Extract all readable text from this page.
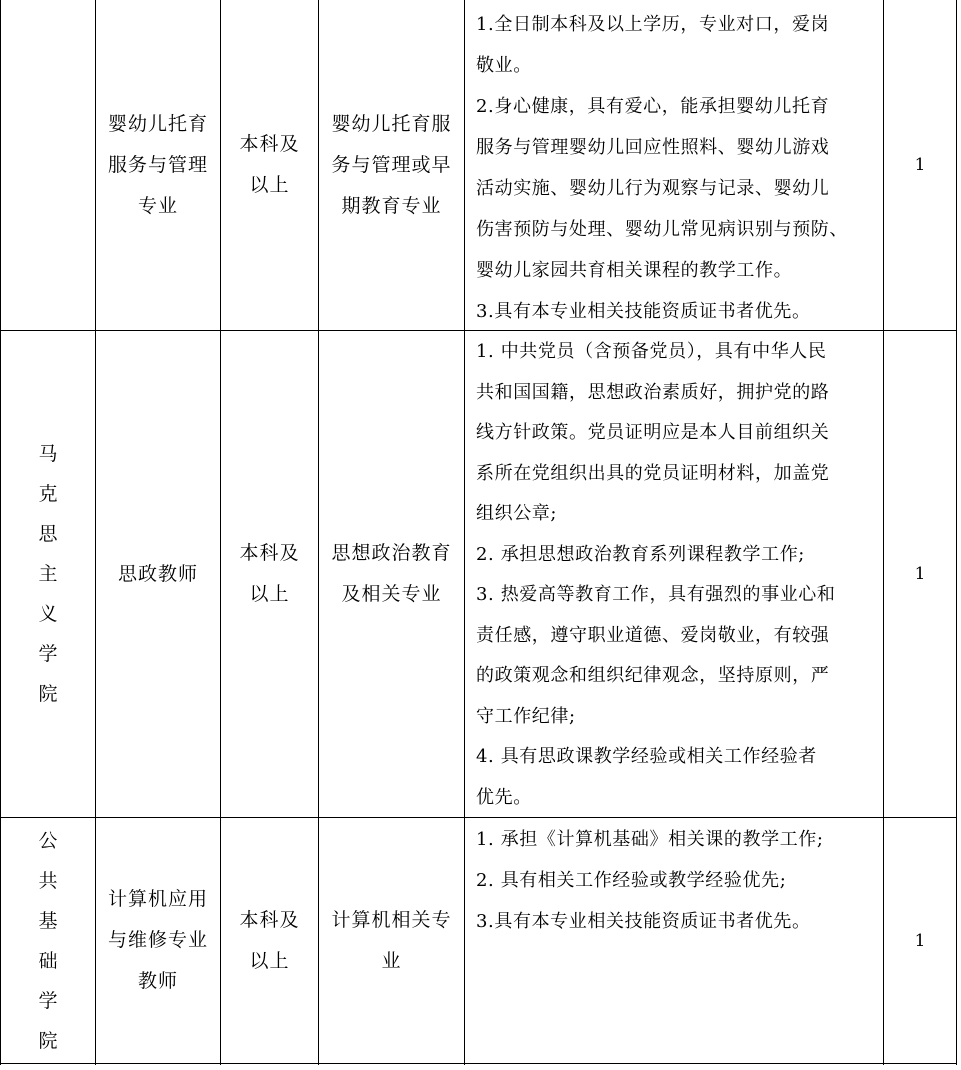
婴幼儿托育
服务与管理
专业
本科及
以上
婴幼儿托育服
务与管理或早
期教育专业
1.全日制本科及以上学历，专业对口，爱岗
敬业。
2.身心健康，具有爱心，能承担婴幼儿托育
服务与管理婴幼儿回应性照料、婴幼儿游戏
活动实施、婴幼儿行为观察与记录、婴幼儿
伤害预防与处理、婴幼儿常见病识别与预防、
婴幼儿家园共育相关课程的教学工作。
3.具有本专业相关技能资质证书者优先。
1
马
克
思
主
义
学
院
思政教师
本科及
以上
思想政治教育
及相关专业
1. 中共党员（含预备党员），具有中华人民
共和国国籍，思想政治素质好，拥护党的路
线方针政策。党员证明应是本人目前组织关
系所在党组织出具的党员证明材料，加盖党
组织公章;
2. 承担思想政治教育系列课程教学工作;
3. 热爱高等教育工作，具有强烈的事业心和
责任感，遵守职业道德、爱岗敬业，有较强
的政策观念和组织纪律观念，坚持原则，严
守工作纪律;
4. 具有思政课教学经验或相关工作经验者
优先。
1
公
共
基
础
学
院
计算机应用
与维修专业
教师
本科及
以上
计算机相关专
业
1. 承担《计算机基础》相关课的教学工作;
2. 具有相关工作经验或教学经验优先;
3.具有本专业相关技能资质证书者优先。
1
